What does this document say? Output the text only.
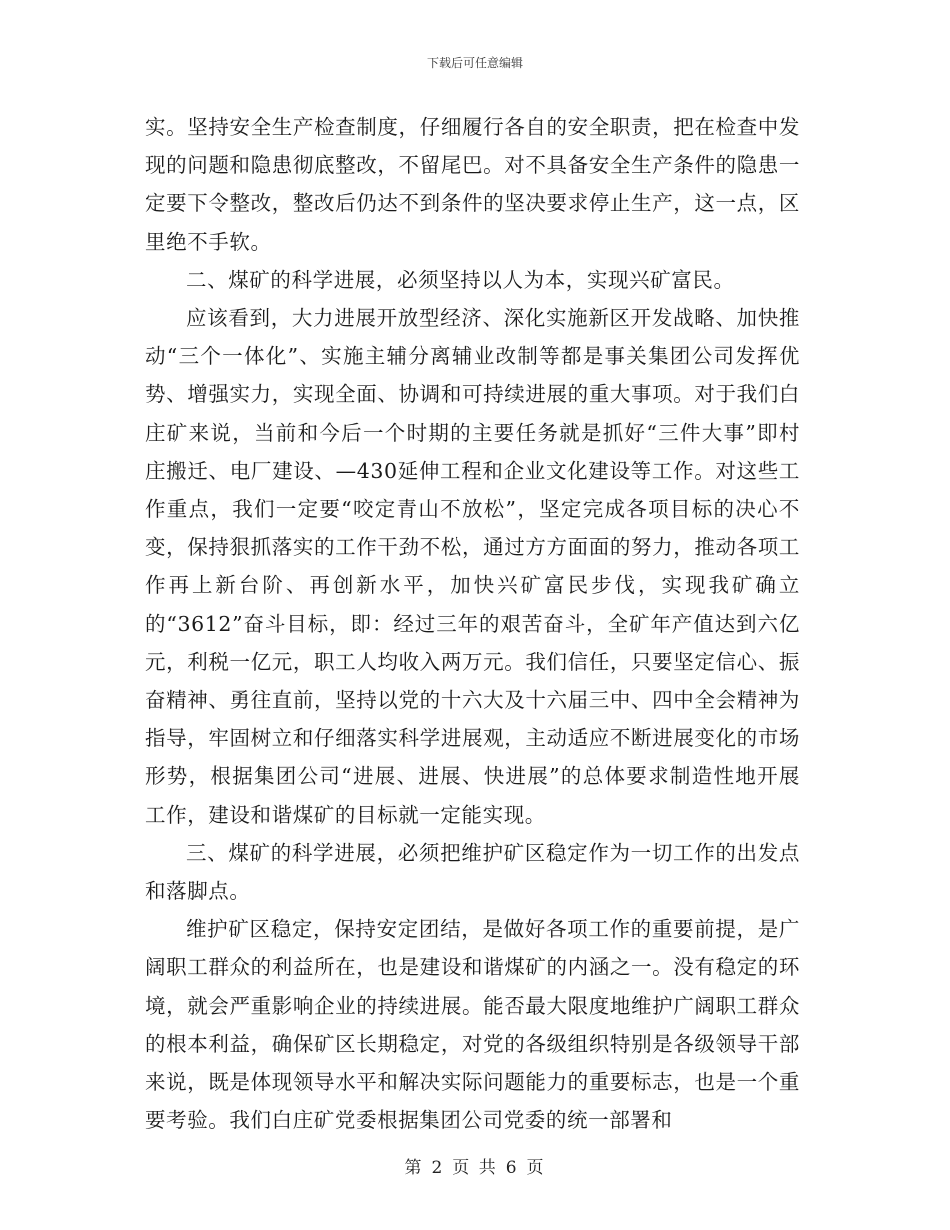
下载后可任意编辑

实。坚持安全生产检查制度，仔细履行各自的安全职责，把在检查中发现的问题和隐患彻底整改，不留尾巴。对不具备安全生产条件的隐患一定要下令整改，整改后仍达不到条件的坚决要求停止生产，这一点，区里绝不手软。

二、煤矿的科学进展，必须坚持以人为本，实现兴矿富民。

应该看到，大力进展开放型经济、深化实施新区开发战略、加快推动“三个一体化”、实施主辅分离辅业改制等都是事关集团公司发挥优势、增强实力，实现全面、协调和可持续进展的重大事项。对于我们白庄矿来说，当前和今后一个时期的主要任务就是抓好“三件大事”即村庄搬迁、电厂建设、—430延伸工程和企业文化建设等工作。对这些工作重点，我们一定要“咬定青山不放松”，坚定完成各项目标的决心不变，保持狠抓落实的工作干劲不松，通过方方面面的努力，推动各项工作再上新台阶、再创新水平，加快兴矿富民步伐，实现我矿确立的“3612”奋斗目标，即：经过三年的艰苦奋斗，全矿年产值达到六亿元，利税一亿元，职工人均收入两万元。我们信任，只要坚定信心、振奋精神、勇往直前，坚持以党的十六大及十六届三中、四中全会精神为指导，牢固树立和仔细落实科学进展观，主动适应不断进展变化的市场形势，根据集团公司“进展、进展、快进展”的总体要求制造性地开展工作，建设和谐煤矿的目标就一定能实现。

三、煤矿的科学进展，必须把维护矿区稳定作为一切工作的出发点和落脚点。

维护矿区稳定，保持安定团结，是做好各项工作的重要前提，是广阔职工群众的利益所在，也是建设和谐煤矿的内涵之一。没有稳定的环境，就会严重影响企业的持续进展。能否最大限度地维护广阔职工群众的根本利益，确保矿区长期稳定，对党的各级组织特别是各级领导干部来说，既是体现领导水平和解决实际问题能力的重要标志，也是一个重要考验。我们白庄矿党委根据集团公司党委的统一部署和

第 2 页 共 6 页
